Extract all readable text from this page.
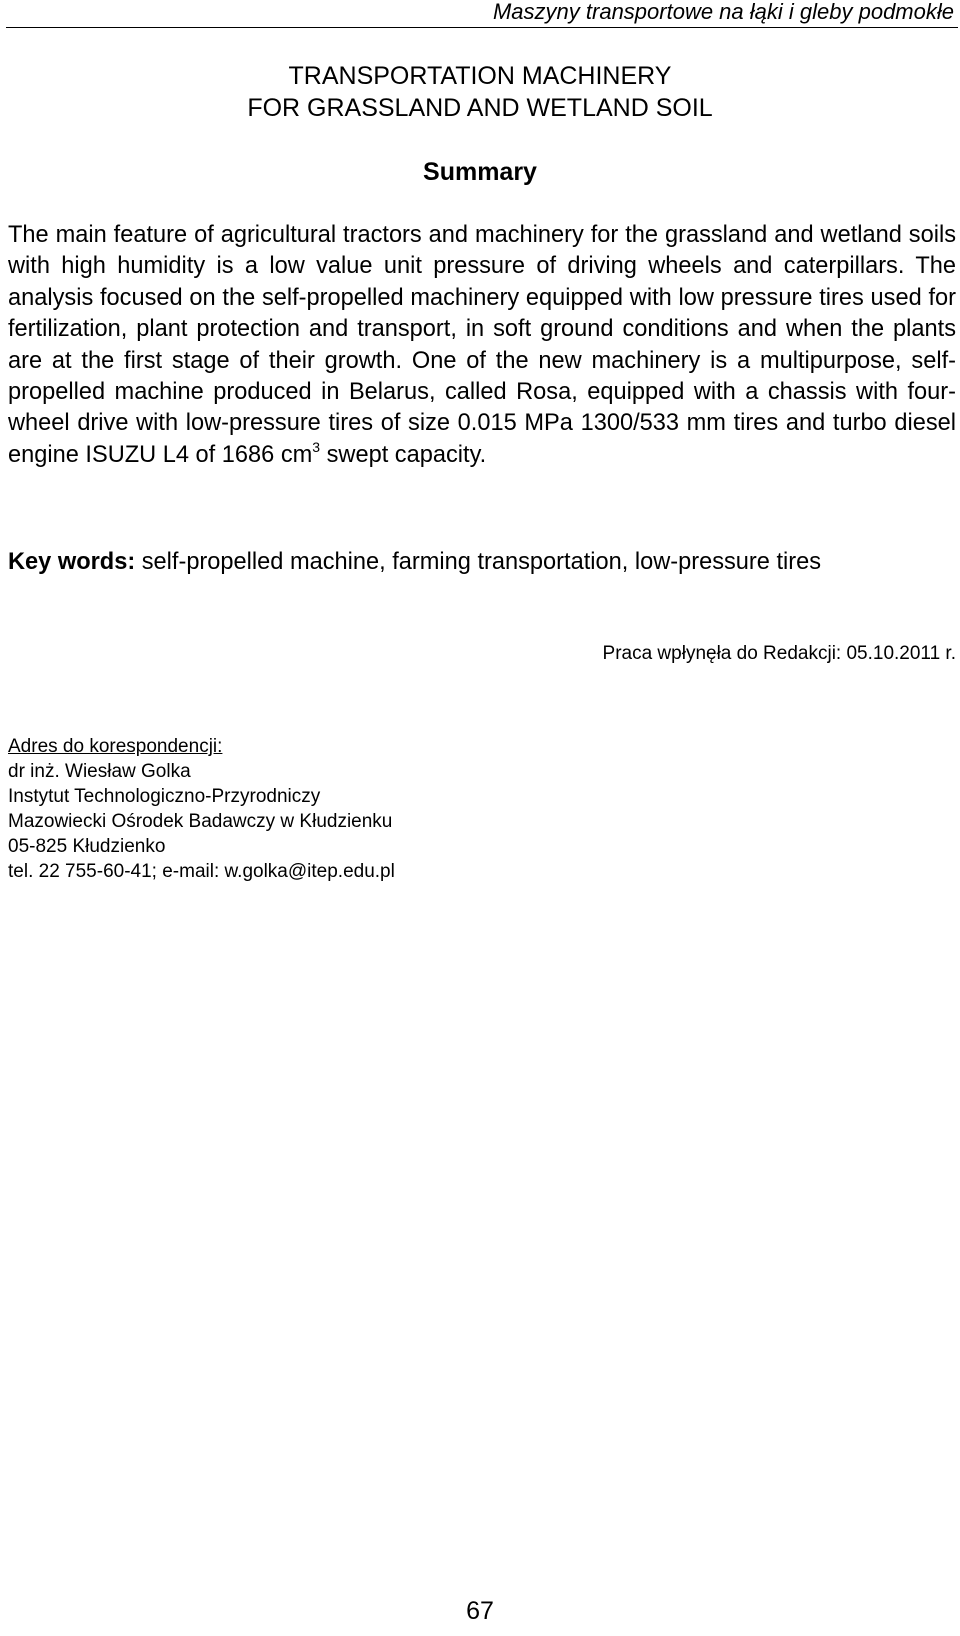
Maszyny transportowe na łąki i gleby podmokłe
TRANSPORTATION MACHINERY
FOR GRASSLAND AND WETLAND SOIL
Summary
The main feature of agricultural tractors and machinery for the grassland and wetland soils with high humidity is a low value unit pressure of driving wheels and caterpillars. The analysis focused on the self-propelled machinery equipped with low pressure tires used for fertilization, plant protection and transport, in soft ground conditions and when the plants are at the first stage of their growth. One of the new machinery is a multipurpose, self-propelled machine produced in Belarus, called Rosa, equipped with a chassis with four-wheel drive with low-pressure tires of size 0.015 MPa 1300/533 mm tires and turbo diesel engine ISUZU L4 of 1686 $cm^3$ swept capacity.
Key words: self-propelled machine, farming transportation, low-pressure tires
Praca wpłynęła do Redakcji: 05.10.2011 r.
Adres do korespondencji:
dr inż. Wiesław Golka
Instytut Technologiczno-Przyrodniczy
Mazowiecki Ośrodek Badawczy w Kłudzienku
05-825 Kłudzienko
tel. 22 755-60-41; e-mail: w.golka@itep.edu.pl
67
